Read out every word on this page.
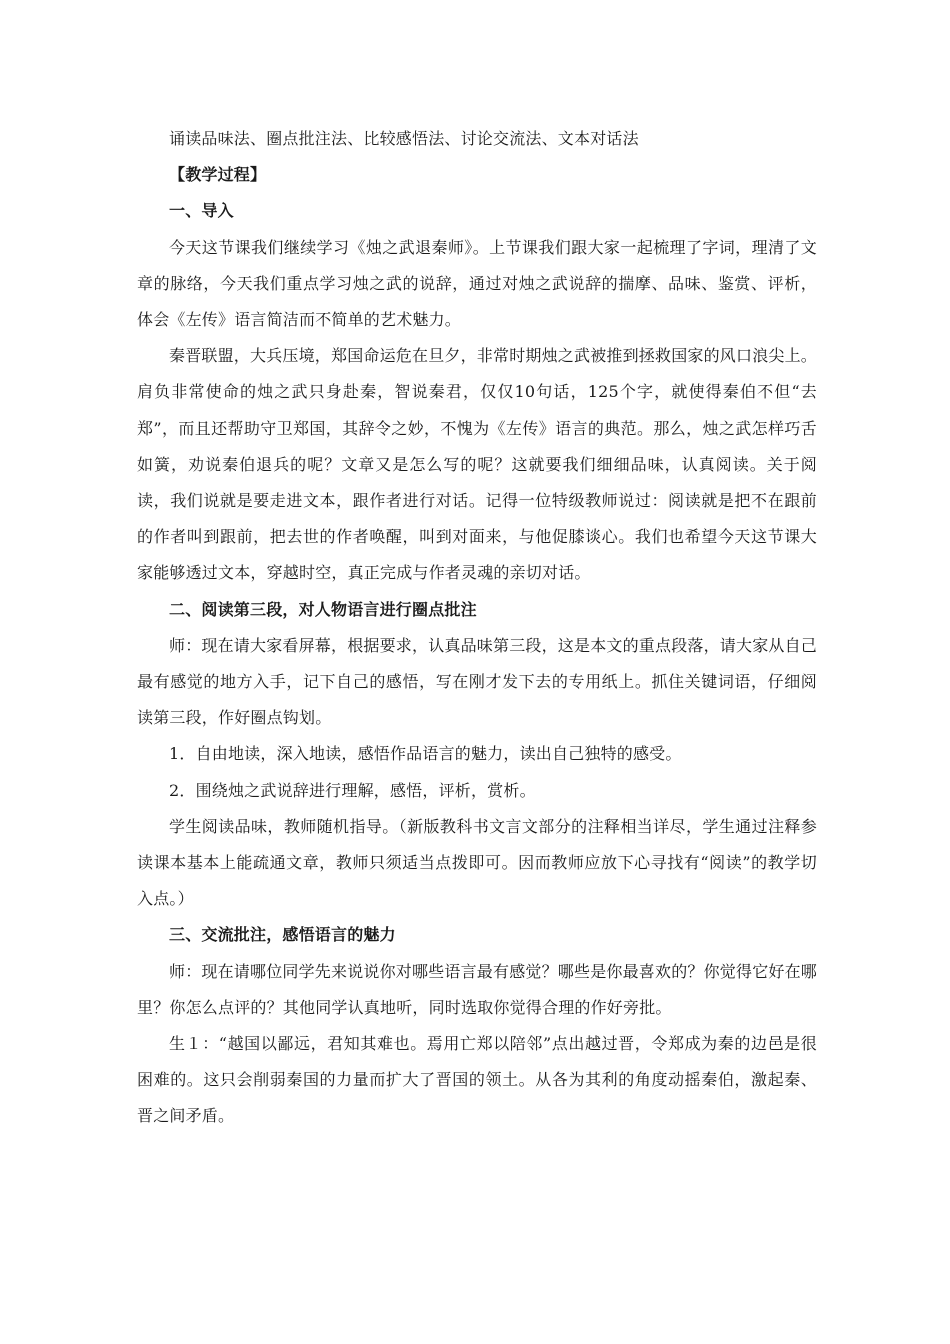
诵读品味法、圈点批注法、比较感悟法、讨论交流法、文本对话法

【教学过程】

一、导入

今天这节课我们继续学习《烛之武退秦师》。上节课我们跟大家一起梳理了字词，理清了文章的脉络，今天我们重点学习烛之武的说辞，通过对烛之武说辞的揣摩、品味、鉴赏、评析，体会《左传》语言简洁而不简单的艺术魅力。

秦晋联盟，大兵压境，郑国命运危在旦夕，非常时期烛之武被推到拯救国家的风口浪尖上。肩负非常使命的烛之武只身赴秦，智说秦君，仅仅10句话，125个字，就使得秦伯不但“去郑”，而且还帮助守卫郑国，其辞令之妙，不愧为《左传》语言的典范。那么，烛之武怎样巧舌如簧，劝说秦伯退兵的呢？文章又是怎么写的呢？这就要我们细细品味，认真阅读。关于阅读，我们说就是要走进文本，跟作者进行对话。记得一位特级教师说过：阅读就是把不在跟前的作者叫到跟前，把去世的作者唤醒，叫到对面来，与他促膝谈心。我们也希望今天这节课大家能够透过文本，穿越时空，真正完成与作者灵魂的亲切对话。

二、阅读第三段，对人物语言进行圈点批注

师：现在请大家看屏幕，根据要求，认真品味第三段，这是本文的重点段落，请大家从自己最有感觉的地方入手，记下自己的感悟，写在刚才发下去的专用纸上。抓住关键词语，仔细阅读第三段，作好圈点钩划。

1．自由地读，深入地读，感悟作品语言的魅力，读出自己独特的感受。

2．围绕烛之武说辞进行理解，感悟，评析，赏析。

学生阅读品味，教师随机指导。（新版教科书文言文部分的注释相当详尽，学生通过注释参读课本基本上能疏通文章，教师只须适当点拨即可。因而教师应放下心寻找有“阅读”的教学切入点。）

三、交流批注，感悟语言的魅力

师：现在请哪位同学先来说说你对哪些语言最有感觉？哪些是你最喜欢的？你觉得它好在哪里？你怎么点评的？其他同学认真地听，同时选取你觉得合理的作好旁批。

生１：“越国以鄙远，君知其难也。焉用亡郑以陪邻”点出越过晋，令郑成为秦的边邑是很困难的。这只会削弱秦国的力量而扩大了晋国的领土。从各为其利的角度动摇秦伯，激起秦、晋之间矛盾。
